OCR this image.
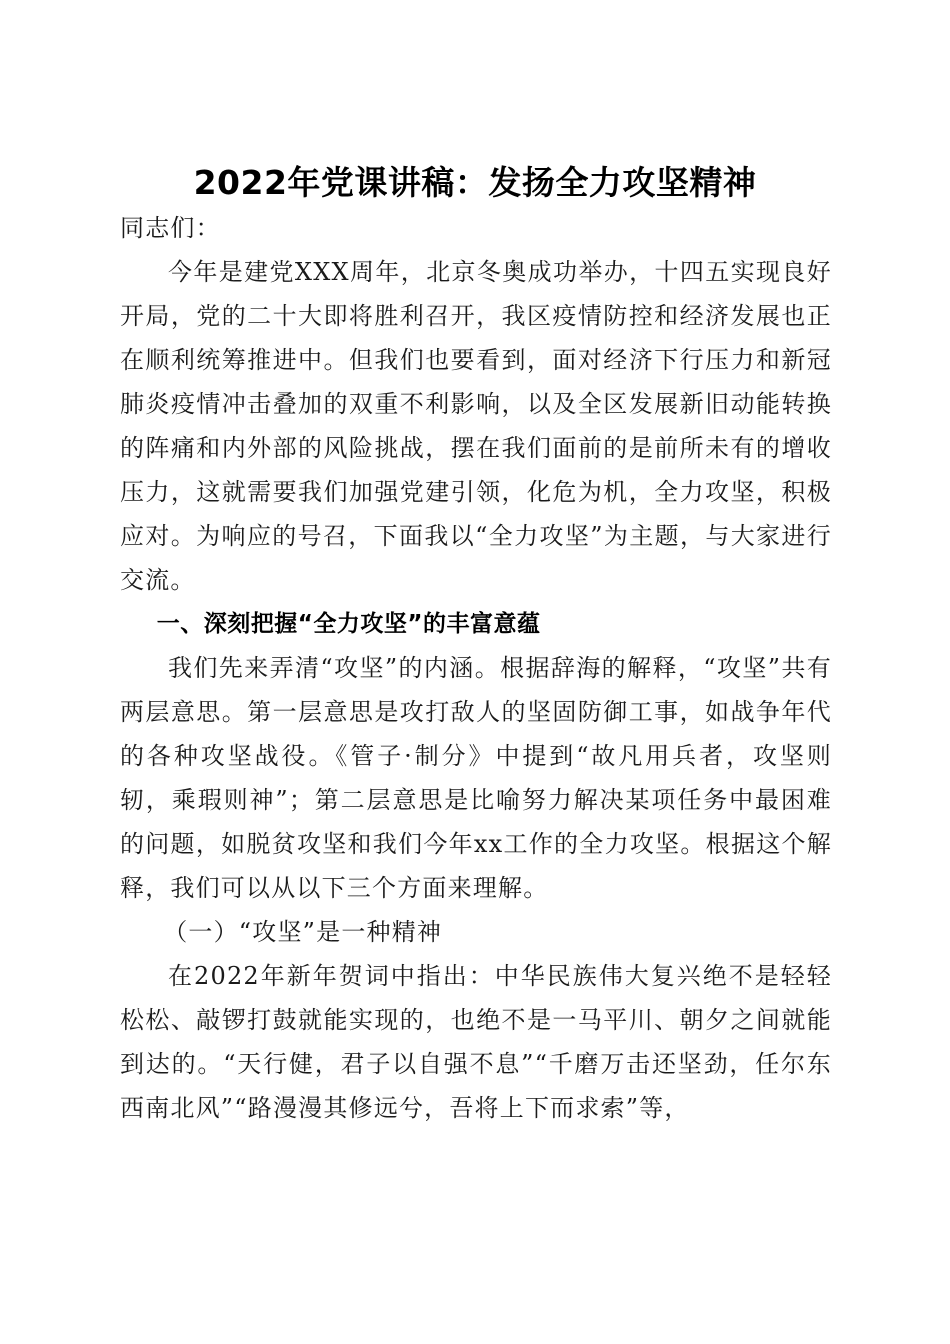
2022年党课讲稿：发扬全力攻坚精神

同志们：

今年是建党XXX周年，北京冬奥成功举办，十四五实现良好开局，党的二十大即将胜利召开，我区疫情防控和经济发展也正在顺利统筹推进中。但我们也要看到，面对经济下行压力和新冠肺炎疫情冲击叠加的双重不利影响，以及全区发展新旧动能转换的阵痛和内外部的风险挑战，摆在我们面前的是前所未有的增收压力，这就需要我们加强党建引领，化危为机，全力攻坚，积极应对。为响应的号召，下面我以“全力攻坚”为主题，与大家进行交流。

一、深刻把握“全力攻坚”的丰富意蕴

我们先来弄清“攻坚”的内涵。根据辞海的解释，“攻坚”共有两层意思。第一层意思是攻打敌人的坚固防御工事，如战争年代的各种攻坚战役。《管子·制分》中提到“故凡用兵者，攻坚则轫，乘瑕则神”；第二层意思是比喻努力解决某项任务中最困难的问题，如脱贫攻坚和我们今年xx工作的全力攻坚。根据这个解释，我们可以从以下三个方面来理解。

（一）“攻坚”是一种精神

在2022年新年贺词中指出：中华民族伟大复兴绝不是轻轻松松、敲锣打鼓就能实现的，也绝不是一马平川、朝夕之间就能到达的。“天行健，君子以自强不息”“千磨万击还坚劲，任尔东西南北风”“路漫漫其修远兮，吾将上下而求索”等，
